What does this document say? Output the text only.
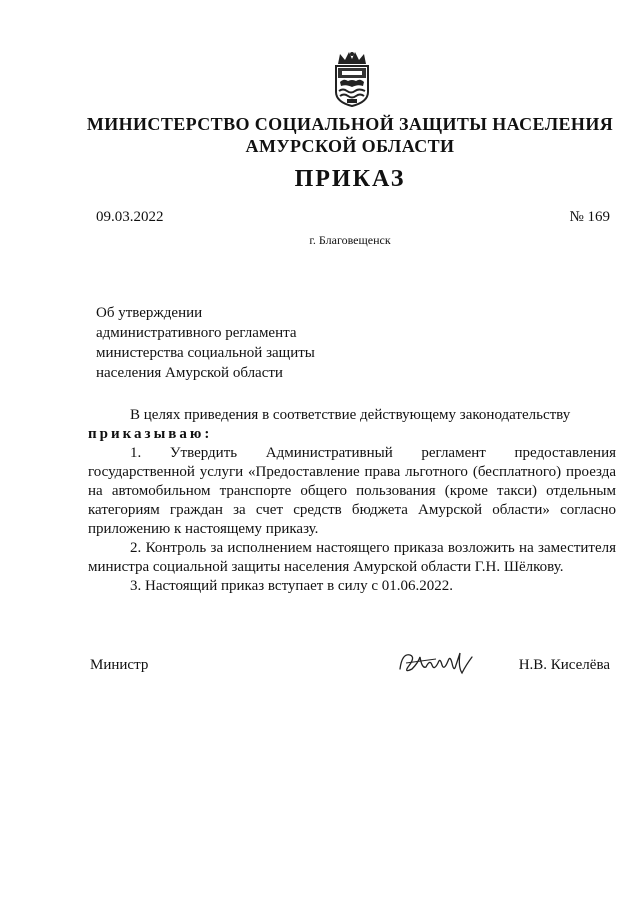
МИНИСТЕРСТВО СОЦИАЛЬНОЙ ЗАЩИТЫ НАСЕЛЕНИЯ
АМУРСКОЙ ОБЛАСТИ
ПРИКАЗ
09.03.2022	№ 169
г. Благовещенск
Об утверждении
административного регламента
министерства социальной защиты
населения Амурской области

В целях приведения в соответствие действующему законодательству

приказываю:

1. Утвердить Административный регламент предоставления государственной услуги «Предоставление права льготного (бесплатного) проезда на автомобильном транспорте общего пользования (кроме такси) отдельным категориям граждан за счет средств бюджета Амурской области» согласно приложению к настоящему приказу.

2. Контроль за исполнением настоящего приказа возложить на заместителя министра социальной защиты населения Амурской области Г.Н. Шёлкову.

3. Настоящий приказ вступает в силу с 01.06.2022.

Министр	Н.В. Киселёва
